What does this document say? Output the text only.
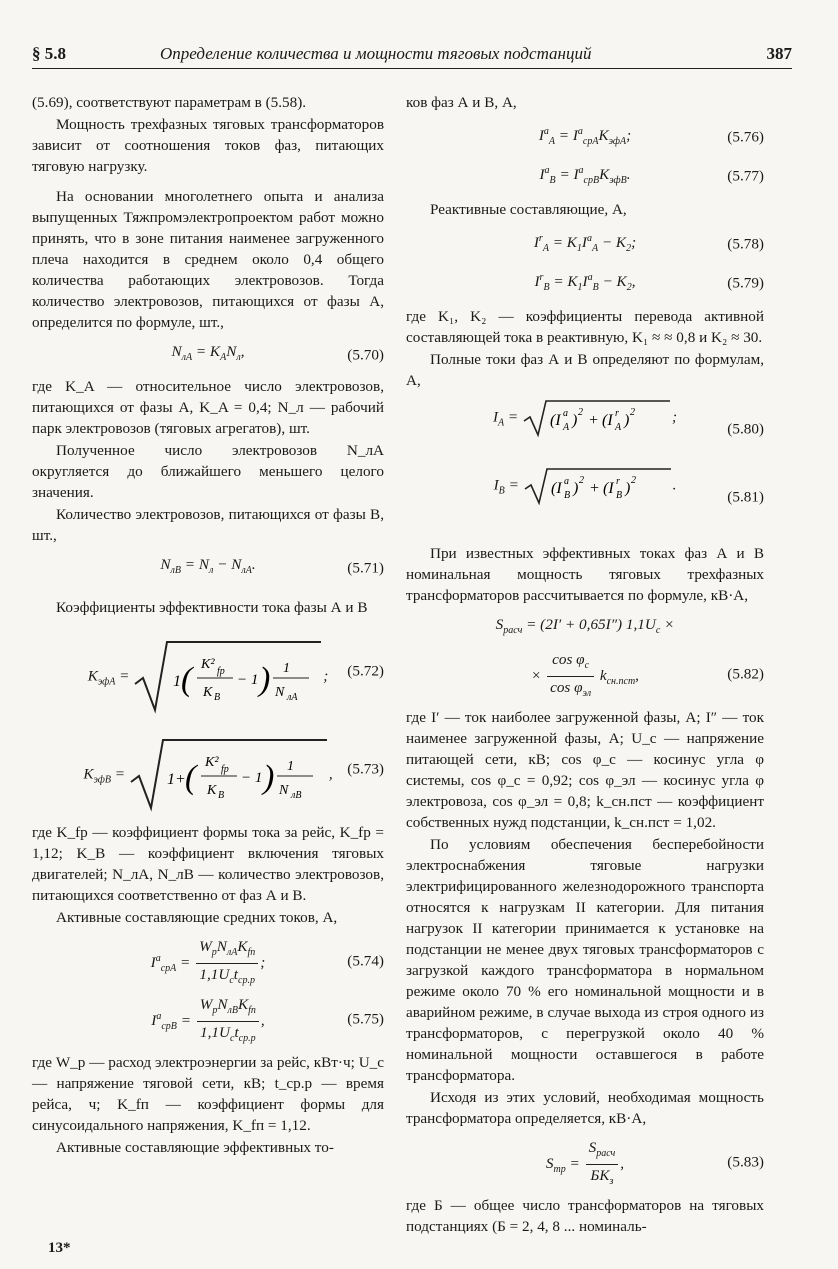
§ 5.8	Определение количества и мощности тяговых подстанций	387

(5.69), соответствуют параметрам в (5.58).

Мощность трехфазных тяговых трансформаторов зависит от соотношения токов фаз, питающих тяговую нагрузку.

На основании многолетнего опыта и анализа выпущенных Тяжпромэлектропроектом работ можно принять, что в зоне питания наименее загруженного плеча находится в среднем около 0,4 общего количества работающих электровозов. Тогда количество электровозов, питающихся от фазы А, определится по формуле, шт.,

$N_{лA} = K_AN_л$,	(5.70)

где K_A — относительное число электровозов, питающихся от фазы А, K_A = 0,4; N_л — рабочий парк электровозов (тяговых агрегатов), шт.

Полученное число электровозов N_лА округляется до ближайшего меньшего целого значения.

Количество электровозов, питающихся от фазы В, шт.,

$N_{лB} = N_л - N_{лA}$.	(5.71)

Коэффициенты эффективности тока фазы А и В

$K_{эфA}$ =	1 ( K² fр
K B
− 1 ) 1
N лA
; (5.72)
$K_{эфB} = 1+$ ( K² fр
K B
− 1 ) 1
N лB
, (5.73)

где K_fр — коэффициент формы тока за рейс, K_fр = 1,12; K_B — коэффициент включения тяговых двигателей; N_лА, N_лB — количество электровозов, питающихся соответственно от фаз А и В.

Активные составляющие средних токов, А,

$I^a_{срA} = \frac{W_рN_{лA}K_{fп}}{1,1U_сt_{ср.р}}$ ;	(5.74)
$I^a_{срB} = \frac{W_рN_{лB}K_{fп}}{1,1U_сt_{ср.р}}$ ,	(5.75)

где W_р — расход электроэнергии за рейс, кВт·ч; U_с — напряжение тяговой сети, кВ; t_ср.р — время рейса, ч; K_fп — коэффициент формы для синусоидального напряжения, K_fп = 1,12.

Активные составляющие эффективных то-

ков фаз А и В, А,

$I^a_A = I^a_{срA}K_{эфA}$;	(5.76)
$I^a_B = I^a_{срB}K_{эфB}$.	(5.77)

Реактивные составляющие, А,

$I^r_A = K_1I^a_A - K_2$;	(5.78)
$I^r_B = K_1I^a_B - K_2$,	(5.79)

где K₁, K₂ — коэффициенты перевода активной составляющей тока в реактивную, K₁ ≈ ≈ 0,8 и K₂ ≈ 30.

Полные токи фаз А и В определяют по формулам, А,

$I_A = (I$ a
A ) 2 + (I r
A ) 2 ;
(5.80)
$I_B = (I$ a
B ) 2 + (I r
B ) 2 .
(5.81)

При известных эффективных токах фаз А и В номинальная мощность тяговых трехфазных трансформаторов рассчитывается по формуле, кВ·А,

$S_{расч} = (2I' + 0,65I'') 1,1U_с$ ×
× $\frac{\cos \varphi_с}{\cos \varphi_{эл}} k_{сн.пст}$,	(5.82)

где I′ — ток наиболее загруженной фазы, А; I″ — ток наименее загруженной фазы, А; U_с — напряжение питающей сети, кВ; cos φ_с — косинус угла φ системы, cos φ_с = 0,92; cos φ_эл — косинус угла φ электровоза, cos φ_эл = 0,8; k_сн.пст — коэффициент собственных нужд подстанции, k_сн.пст = 1,02.

По условиям обеспечения бесперебойности электроснабжения тяговые нагрузки электрифицированного железнодорожного транспорта относятся к нагрузкам II категории. Для питания нагрузок II категории принимается к установке на подстанции не менее двух тяговых трансформаторов с загрузкой каждого трансформатора в нормальном режиме около 70 % его номинальной мощности и в аварийном режиме, в случае выхода из строя одного из трансформаторов, с перегрузкой около 40 % номинальной мощности оставшегося в работе трансформатора.

Исходя из этих условий, необходимая мощность трансформатора определяется, кВ·А,

$S_{тр} = \frac{S_{расч}}{БK_з}$ ,	(5.83)

где Б — общее число трансформаторов на тяговых подстанциях (Б = 2, 4, 8 ... номиналь-

13*
